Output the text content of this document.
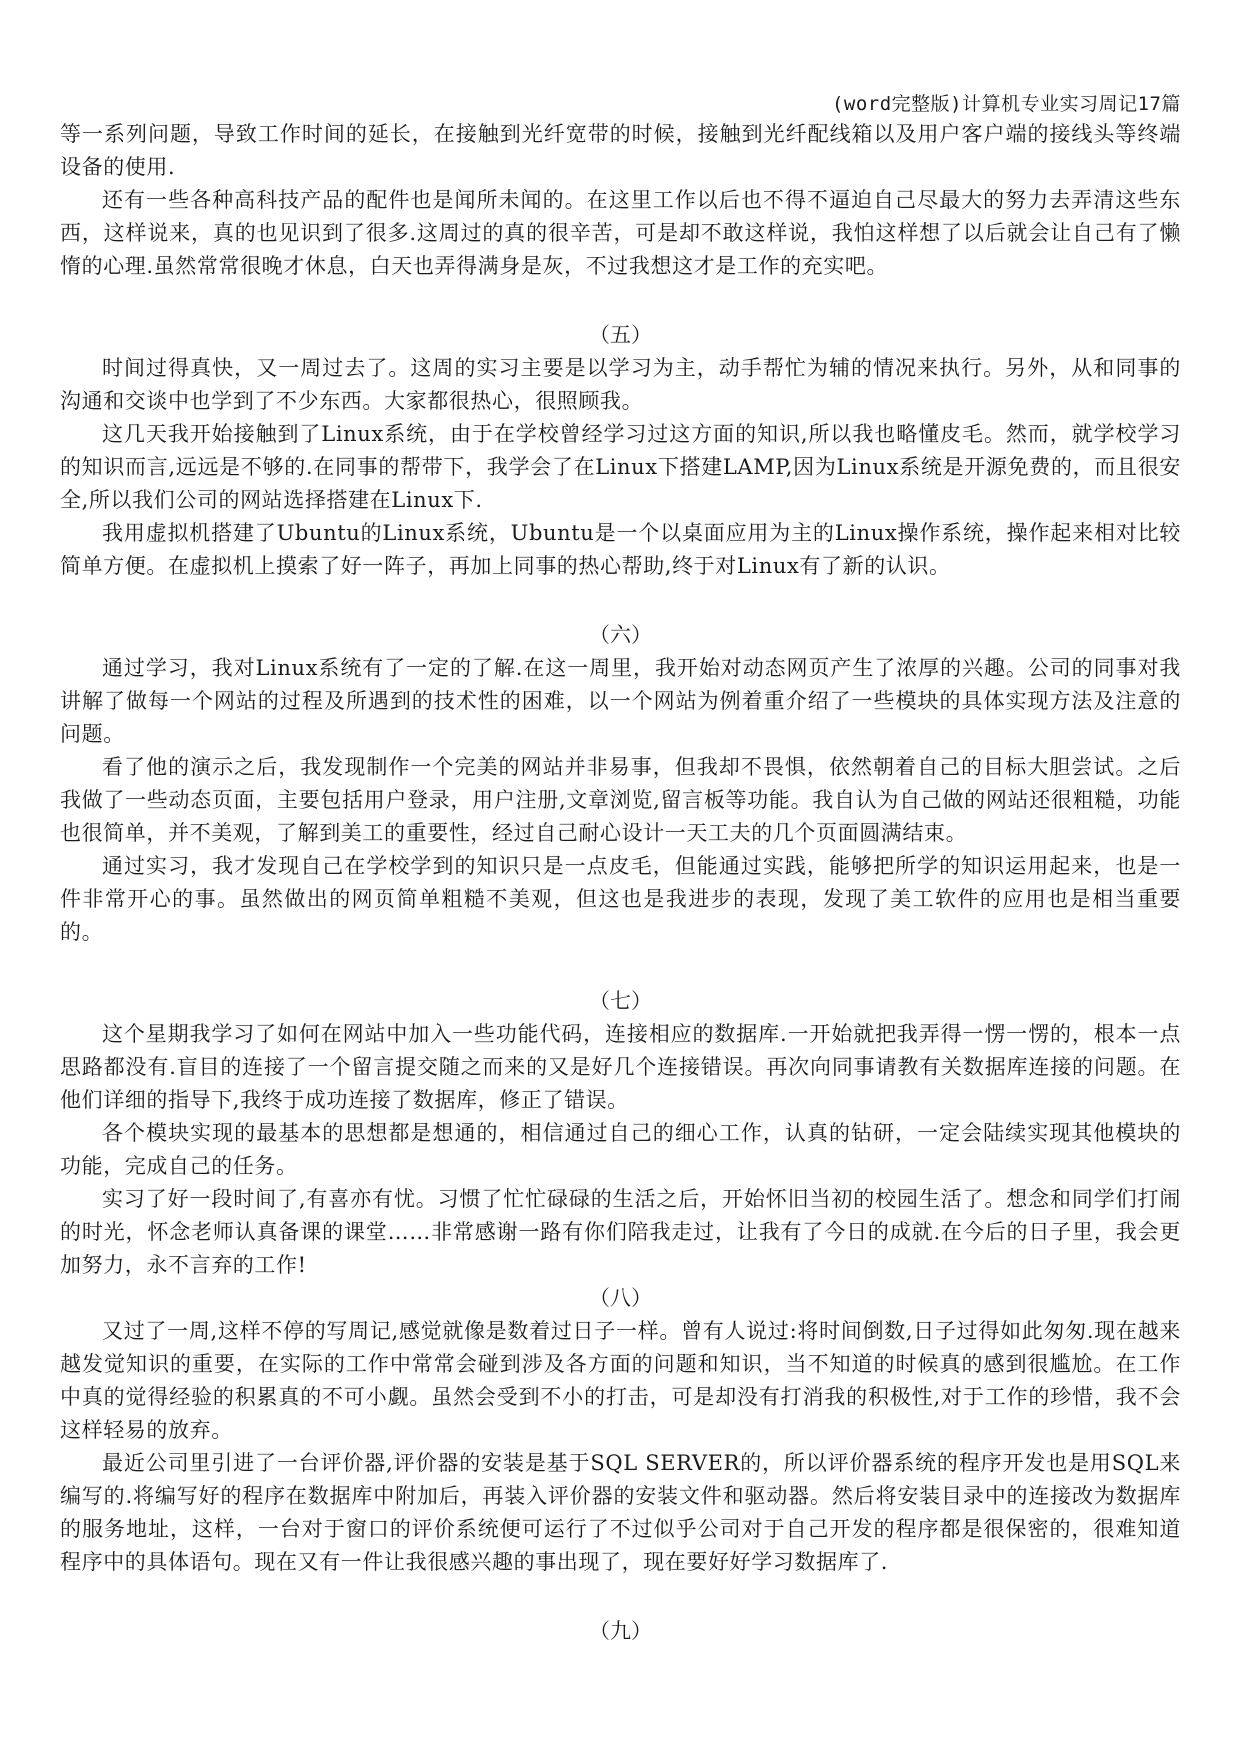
(word完整版)计算机专业实习周记17篇

等一系列问题，导致工作时间的延长，在接触到光纤宽带的时候，接触到光纤配线箱以及用户客户端的接线头等终端设备的使用.

还有一些各种高科技产品的配件也是闻所未闻的。在这里工作以后也不得不逼迫自己尽最大的努力去弄清这些东西，这样说来，真的也见识到了很多.这周过的真的很辛苦，可是却不敢这样说，我怕这样想了以后就会让自己有了懒惰的心理.虽然常常很晚才休息，白天也弄得满身是灰，不过我想这才是工作的充实吧。

（五）

时间过得真快，又一周过去了。这周的实习主要是以学习为主，动手帮忙为辅的情况来执行。另外，从和同事的沟通和交谈中也学到了不少东西。大家都很热心，很照顾我。

这几天我开始接触到了Linux系统，由于在学校曾经学习过这方面的知识,所以我也略懂皮毛。然而，就学校学习的知识而言,远远是不够的.在同事的帮带下，我学会了在Linux下搭建LAMP,因为Linux系统是开源免费的，而且很安全,所以我们公司的网站选择搭建在Linux下.

我用虚拟机搭建了Ubuntu的Linux系统，Ubuntu是一个以桌面应用为主的Linux操作系统，操作起来相对比较简单方便。在虚拟机上摸索了好一阵子，再加上同事的热心帮助,终于对Linux有了新的认识。

（六）

通过学习，我对Linux系统有了一定的了解.在这一周里，我开始对动态网页产生了浓厚的兴趣。公司的同事对我讲解了做每一个网站的过程及所遇到的技术性的困难，以一个网站为例着重介绍了一些模块的具体实现方法及注意的问题。

看了他的演示之后，我发现制作一个完美的网站并非易事，但我却不畏惧，依然朝着自己的目标大胆尝试。之后我做了一些动态页面，主要包括用户登录，用户注册,文章浏览,留言板等功能。我自认为自己做的网站还很粗糙，功能也很简单，并不美观，了解到美工的重要性，经过自己耐心设计一天工夫的几个页面圆满结束。

通过实习，我才发现自己在学校学到的知识只是一点皮毛，但能通过实践，能够把所学的知识运用起来，也是一件非常开心的事。虽然做出的网页简单粗糙不美观，但这也是我进步的表现，发现了美工软件的应用也是相当重要的。

（七）

这个星期我学习了如何在网站中加入一些功能代码，连接相应的数据库.一开始就把我弄得一愣一愣的，根本一点思路都没有.盲目的连接了一个留言提交随之而来的又是好几个连接错误。再次向同事请教有关数据库连接的问题。在他们详细的指导下,我终于成功连接了数据库，修正了错误。

各个模块实现的最基本的思想都是想通的，相信通过自己的细心工作，认真的钻研，一定会陆续实现其他模块的功能，完成自己的任务。

实习了好一段时间了,有喜亦有忧。习惯了忙忙碌碌的生活之后，开始怀旧当初的校园生活了。想念和同学们打闹的时光，怀念老师认真备课的课堂……非常感谢一路有你们陪我走过，让我有了今日的成就.在今后的日子里，我会更加努力，永不言弃的工作!

（八）

又过了一周,这样不停的写周记,感觉就像是数着过日子一样。曾有人说过:将时间倒数,日子过得如此匆匆.现在越来越发觉知识的重要，在实际的工作中常常会碰到涉及各方面的问题和知识，当不知道的时候真的感到很尴尬。在工作中真的觉得经验的积累真的不可小觑。虽然会受到不小的打击，可是却没有打消我的积极性,对于工作的珍惜，我不会这样轻易的放弃。

最近公司里引进了一台评价器,评价器的安装是基于SQL SERVER的，所以评价器系统的程序开发也是用SQL来编写的.将编写好的程序在数据库中附加后，再装入评价器的安装文件和驱动器。然后将安装目录中的连接改为数据库的服务地址，这样，一台对于窗口的评价系统便可运行了不过似乎公司对于自己开发的程序都是很保密的，很难知道程序中的具体语句。现在又有一件让我很感兴趣的事出现了，现在要好好学习数据库了.

（九）
